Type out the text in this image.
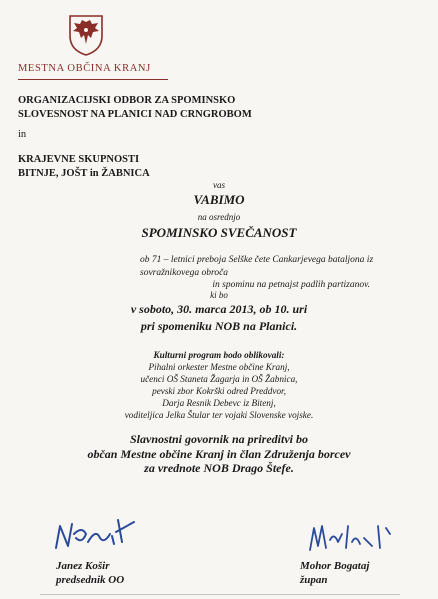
MESTNA OBČINA KRANJ
ORGANIZACIJSKI ODBOR ZA SPOMINSKO
SLOVESNOST NA PLANICI NAD CRNGROBOM
in
KRAJEVNE SKUPNOSTI
BITNJE, JOŠT in ŽABNICA
vas
VABIMO
na osrednjo
SPOMINSKO SVEČANOST
ob 71 – letnici preboja Selške čete Cankarjevega bataljona iz sovražnikovega obroča
in spominu na petnajst padlih partizanov.
ki bo
v soboto, 30. marca 2013, ob 10. uri
pri spomeniku NOB na Planici.
Kulturni program bodo oblikovali:
Pihalni orkester Mestne občine Kranj,
učenci OŠ Staneta Žagarja in OŠ Žabnica,
pevski zbor Kokrški odred Preddvor,
Darja Resnik Debevc iz Bitenj,
voditeljica Jelka Štular ter vojaki Slovenske vojske.
Slavnostni govornik na prireditvi bo
občan Mestne občine Kranj in član Združenja borcev
za vrednote NOB Drago Štefe.
Janez Košir
predsednik OO
Mohor Bogataj
župan
